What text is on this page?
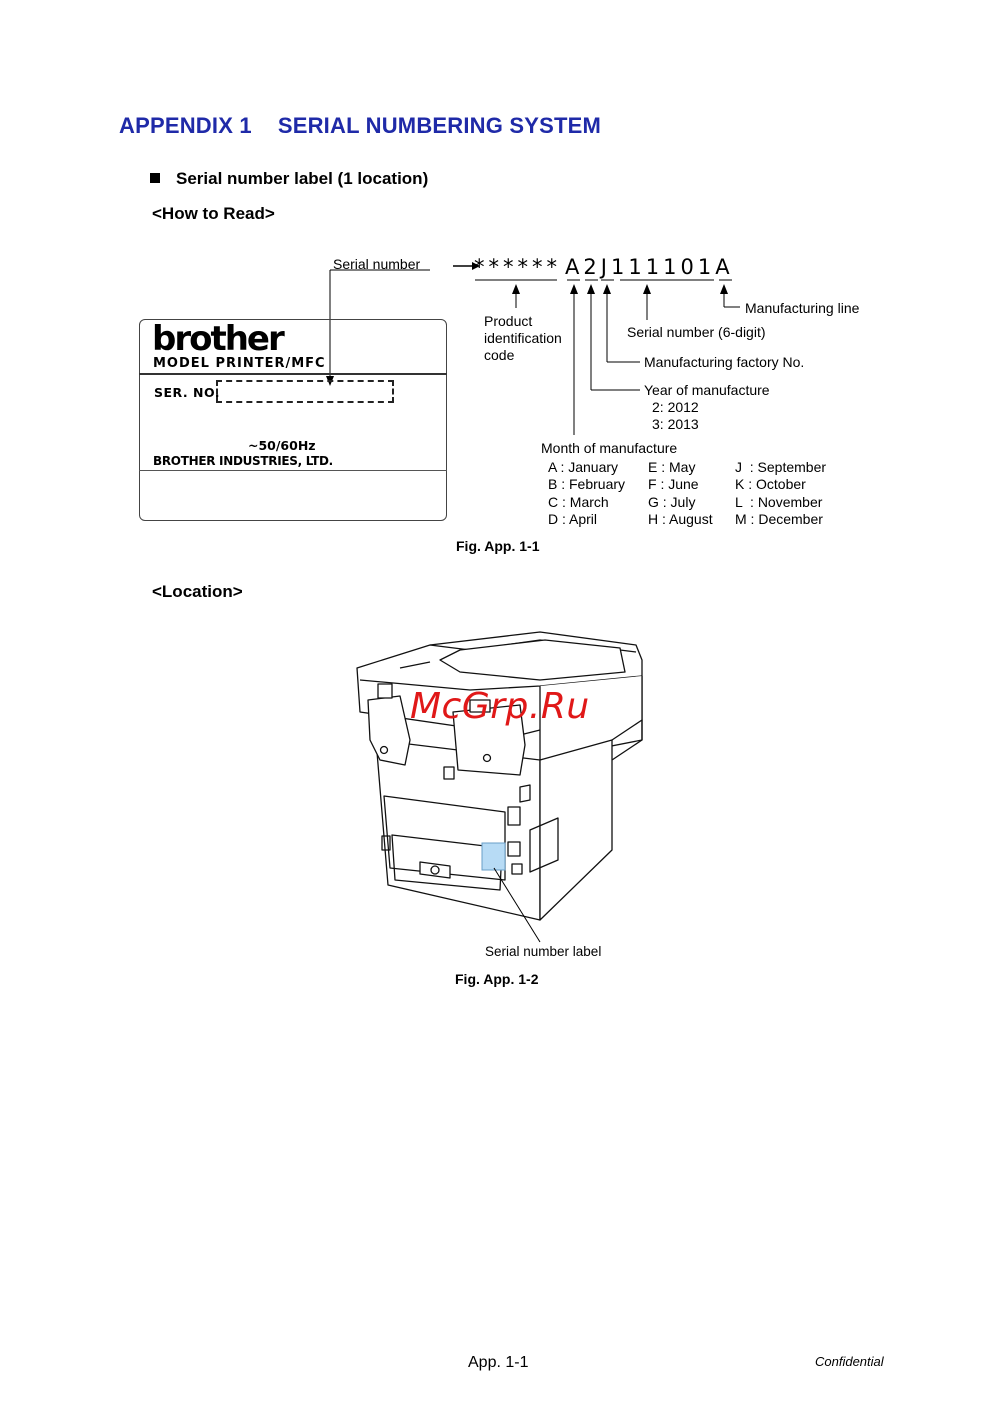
APPENDIX 1 SERIAL NUMBERING SYSTEM
Serial number label (1 location)
<How to Read>
Serial number	****** A2J111101A
Manufacturing line
Product
identification
code
Serial number (6-digit)
Manufacturing factory No.
Year of manufacture
2: 2012
3: 2013
Month of manufacture
A : January
B : February
C : March
D : April
E : May
F : June
G : July
H : August
J  : September
K : October
L  : November
M : December
brother
MODEL PRINTER/MFC
SER. NO.
~50/60Hz
BROTHER INDUSTRIES, LTD.
Fig. App. 1-1
<Location>
McGrp.Ru
Serial number label
Fig. App. 1-2
App. 1-1	Confidential
